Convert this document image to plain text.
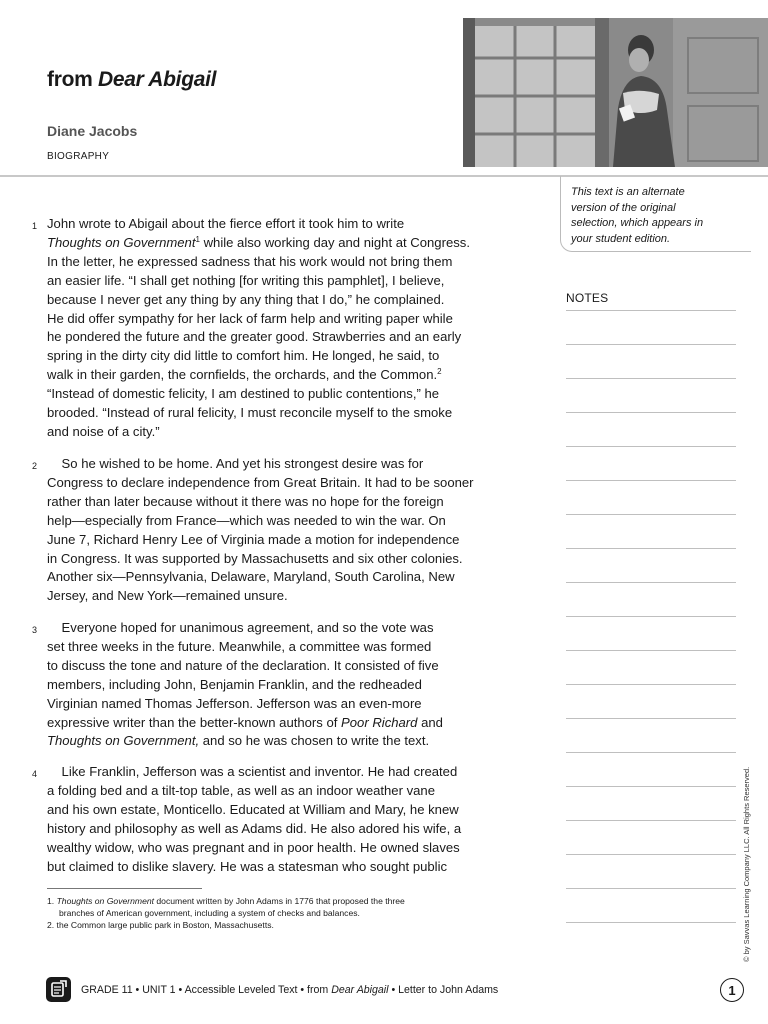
from Dear Abigail
Diane Jacobs
BIOGRAPHY
This text is an alternate
version of the original
selection, which appears in
your student edition.
NOTES
1 John wrote to Abigail about the fierce effort it took him to write
Thoughts on Government$^1$ while also working day and night at Congress.
In the letter, he expressed sadness that his work would not bring them
an easier life. “I shall get nothing [for writing this pamphlet], I believe,
because I never get any thing by any thing that I do,” he complained.
He did offer sympathy for her lack of farm help and writing paper while
he pondered the future and the greater good. Strawberries and an early
spring in the dirty city did little to comfort him. He longed, he said, to
walk in their garden, the cornfields, the orchards, and the Common.$^2$
“Instead of domestic felicity, I am destined to public contentions,” he
brooded. “Instead of rural felicity, I must reconcile myself to the smoke
and noise of a city.”
2 So he wished to be home. And yet his strongest desire was for
Congress to declare independence from Great Britain. It had to be sooner
rather than later because without it there was no hope for the foreign
help—especially from France—which was needed to win the war. On
June 7, Richard Henry Lee of Virginia made a motion for independence
in Congress. It was supported by Massachusetts and six other colonies.
Another six—Pennsylvania, Delaware, Maryland, South Carolina, New
Jersey, and New York—remained unsure.
3 Everyone hoped for unanimous agreement, and so the vote was
set three weeks in the future. Meanwhile, a committee was formed
to discuss the tone and nature of the declaration. It consisted of five
members, including John, Benjamin Franklin, and the redheaded
Virginian named Thomas Jefferson. Jefferson was an even-more
expressive writer than the better-known authors of Poor Richard and
Thoughts on Government, and so he was chosen to write the text.
4 Like Franklin, Jefferson was a scientist and inventor. He had created
a folding bed and a tilt-top table, as well as an indoor weather vane
and his own estate, Monticello. Educated at William and Mary, he knew
history and philosophy as well as Adams did. He also adored his wife, a
wealthy widow, who was pregnant and in poor health. He owned slaves
but claimed to dislike slavery. He was a statesman who sought public
1. Thoughts on Government document written by John Adams in 1776 that proposed the three
branches of American government, including a system of checks and balances.
2. the Common large public park in Boston, Massachusetts.	© by Savvas Learning Company LLC. All Rights Reserved.
GRADE 11 • UNIT 1 • Accessible Leveled Text • from Dear Abigail • Letter to John Adams	1
